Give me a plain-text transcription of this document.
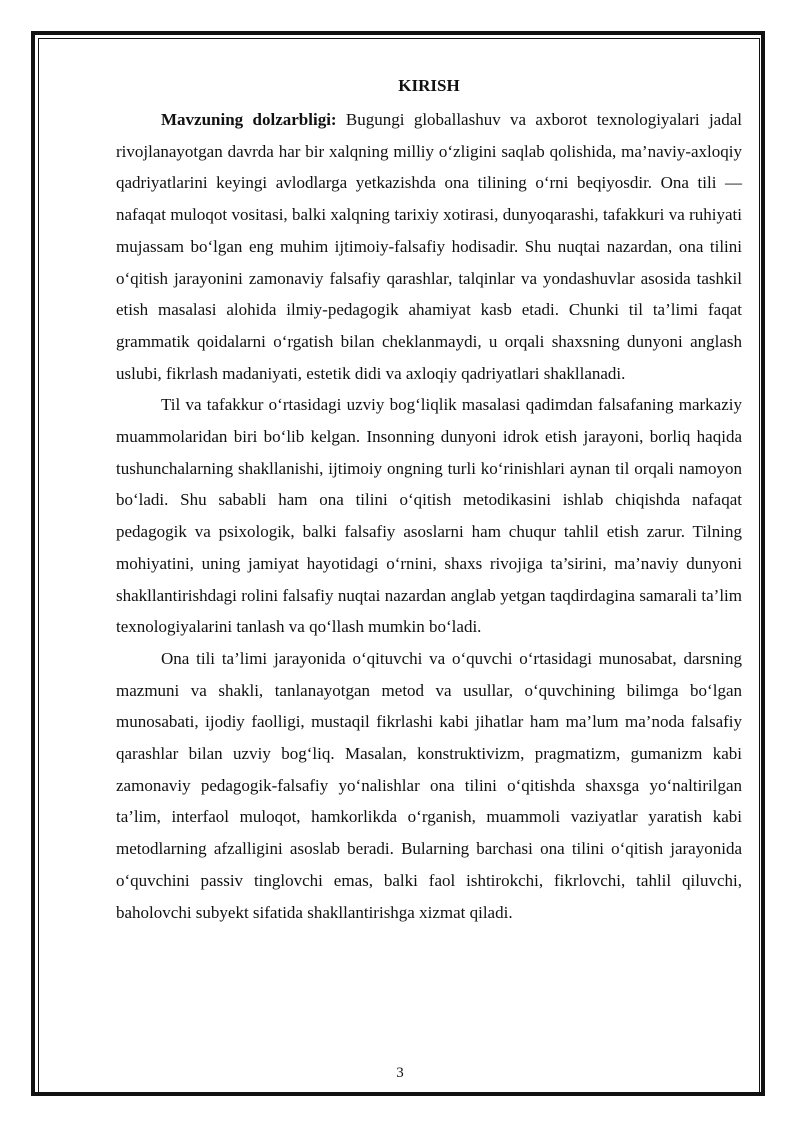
KIRISH

Mavzuning dolzarbligi: Bugungi globallashuv va axborot texnologiyalari jadal rivojlanayotgan davrda har bir xalqning milliy o‘zligini saqlab qolishida, ma’naviy-axloqiy qadriyatlarini keyingi avlodlarga yetkazishda ona tilining o‘rni beqiyosdir. Ona tili — nafaqat muloqot vositasi, balki xalqning tarixiy xotirasi, dunyoqarashi, tafakkuri va ruhiyati mujassam bo‘lgan eng muhim ijtimoiy-falsafiy hodisadir. Shu nuqtai nazardan, ona tilini o‘qitish jarayonini zamonaviy falsafiy qarashlar, talqinlar va yondashuvlar asosida tashkil etish masalasi alohida ilmiy-pedagogik ahamiyat kasb etadi. Chunki til ta’limi faqat grammatik qoidalarni o‘rgatish bilan cheklanmaydi, u orqali shaxsning dunyoni anglash uslubi, fikrlash madaniyati, estetik didi va axloqiy qadriyatlari shakllanadi.

Til va tafakkur o‘rtasidagi uzviy bog‘liqlik masalasi qadimdan falsafaning markaziy muammolaridan biri bo‘lib kelgan. Insonning dunyoni idrok etish jarayoni, borliq haqida tushunchalarning shakllanishi, ijtimoiy ongning turli ko‘rinishlari aynan til orqali namoyon bo‘ladi. Shu sababli ham ona tilini o‘qitish metodikasini ishlab chiqishda nafaqat pedagogik va psixologik, balki falsafiy asoslarni ham chuqur tahlil etish zarur. Tilning mohiyatini, uning jamiyat hayotidagi o‘rnini, shaxs rivojiga ta’sirini, ma’naviy dunyoni shakllantirishdagi rolini falsafiy nuqtai nazardan anglab yetgan taqdirdagina samarali ta’lim texnologiyalarini tanlash va qo‘llash mumkin bo‘ladi.

Ona tili ta’limi jarayonida o‘qituvchi va o‘quvchi o‘rtasidagi munosabat, darsning mazmuni va shakli, tanlanayotgan metod va usullar, o‘quvchining bilimga bo‘lgan munosabati, ijodiy faolligi, mustaqil fikrlashi kabi jihatlar ham ma’lum ma’noda falsafiy qarashlar bilan uzviy bog‘liq. Masalan, konstruktivizm, pragmatizm, gumanizm kabi zamonaviy pedagogik-falsafiy yo‘nalishlar ona tilini o‘qitishda shaxsga yo‘naltirilgan ta’lim, interfaol muloqot, hamkorlikda o‘rganish, muammoli vaziyatlar yaratish kabi metodlarning afzalligini asoslab beradi. Bularning barchasi ona tilini o‘qitish jarayonida o‘quvchini passiv tinglovchi emas, balki faol ishtirokchi, fikrlovchi, tahlil qiluvchi, baholovchi subyekt sifatida shakllantirishga xizmat qiladi.

3
